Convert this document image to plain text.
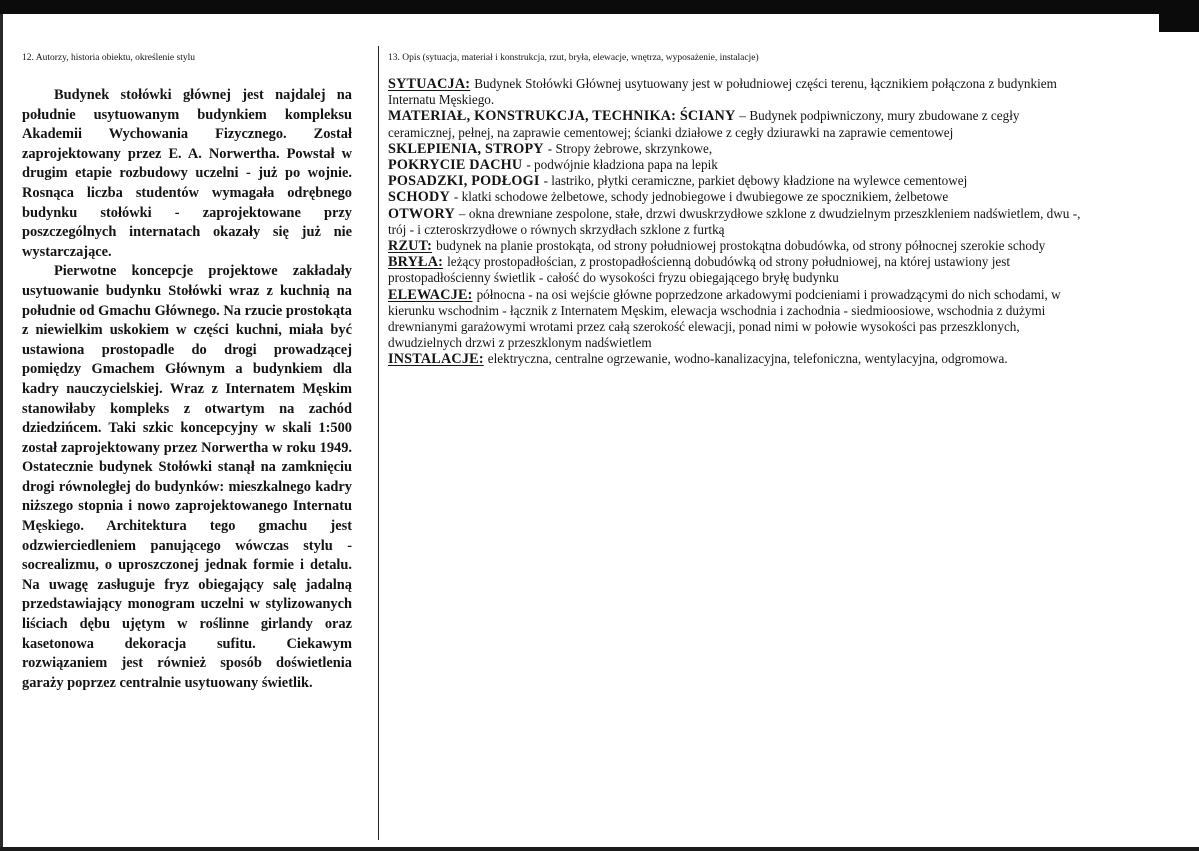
12. Autorzy, historia obiektu, określenie stylu

Budynek stołówki głównej jest najdalej na południe usytuowanym budynkiem kompleksu Akademii Wychowania Fizycznego. Został zaprojektowany przez E. A. Norwertha. Powstał w drugim etapie rozbudowy uczelni - już po wojnie. Rosnąca liczba studentów wymagała odrębnego budynku stołówki - zaprojektowane przy poszczególnych internatach okazały się już nie wystarczające.

Pierwotne koncepcje projektowe zakładały usytuowanie budynku Stołówki wraz z kuchnią na południe od Gmachu Głównego. Na rzucie prostokąta z niewielkim uskokiem w części kuchni, miała być ustawiona prostopadle do drogi prowadzącej pomiędzy Gmachem Głównym a budynkiem dla kadry nauczycielskiej. Wraz z Internatem Męskim stanowiłaby kompleks z otwartym na zachód dziedzińcem. Taki szkic koncepcyjny w skali 1:500 został zaprojektowany przez Norwertha w roku 1949. Ostatecznie budynek Stołówki stanął na zamknięciu drogi równoległej do budynków: mieszkalnego kadry niższego stopnia i nowo zaprojektowanego Internatu Męskiego. Architektura tego gmachu jest odzwierciedleniem panującego wówczas stylu - socrealizmu, o uproszczonej jednak formie i detalu. Na uwagę zasługuje fryz obiegający salę jadalną przedstawiający monogram uczelni w stylizowanych liściach dębu ujętym w roślinne girlandy oraz kasetonowa dekoracja sufitu. Ciekawym rozwiązaniem jest również sposób doświetlenia garaży poprzez centralnie usytuowany świetlik.

13. Opis (sytuacja, materiał i konstrukcja, rzut, bryła, elewacje, wnętrza, wyposażenie, instalacje)

SYTUACJA: Budynek Stołówki Głównej usytuowany jest w południowej części terenu, łącznikiem połączona z budynkiem Internatu Męskiego.

MATERIAŁ, KONSTRUKCJA, TECHNIKA: ŚCIANY – Budynek podpiwniczony, mury zbudowane z cegły ceramicznej, pełnej, na zaprawie cementowej; ścianki działowe z cegły dziurawki na zaprawie cementowej

SKLEPIENIA, STROPY - Stropy żebrowe, skrzynkowe,

POKRYCIE DACHU - podwójnie kładziona papa na lepik

POSADZKI, PODŁOGI - lastriko, płytki ceramiczne, parkiet dębowy kładzione na wylewce cementowej

SCHODY - klatki schodowe żelbetowe, schody jednobiegowe i dwubiegowe ze spocznikiem, żelbetowe

OTWORY – okna drewniane zespolone, stałe, drzwi dwuskrzydłowe szklone z dwudzielnym przeszkleniem nadświetlem, dwu -, trój - i czteroskrzydłowe o równych skrzydłach szklone z furtką

RZUT: budynek na planie prostokąta, od strony południowej prostokątna dobudówka, od strony północnej szerokie schody

BRYŁA: leżący prostopadłościan, z prostopadłościenną dobudówką od strony południowej, na której ustawiony jest prostopadłościenny świetlik - całość do wysokości fryzu obiegającego bryłę budynku

ELEWACJE: północna - na osi wejście główne poprzedzone arkadowymi podcieniami i prowadzącymi do nich schodami, w kierunku wschodnim - łącznik z Internatem Męskim, elewacja wschodnia i zachodnia - siedmioosiowe, wschodnia z dużymi drewnianymi garażowymi wrotami przez całą szerokość elewacji, ponad nimi w połowie wysokości pas przeszklonych, dwudzielnych drzwi z przeszklonym nadświetlem

INSTALACJE: elektryczna, centralne ogrzewanie, wodno-kanalizacyjna, telefoniczna, wentylacyjna, odgromowa.
